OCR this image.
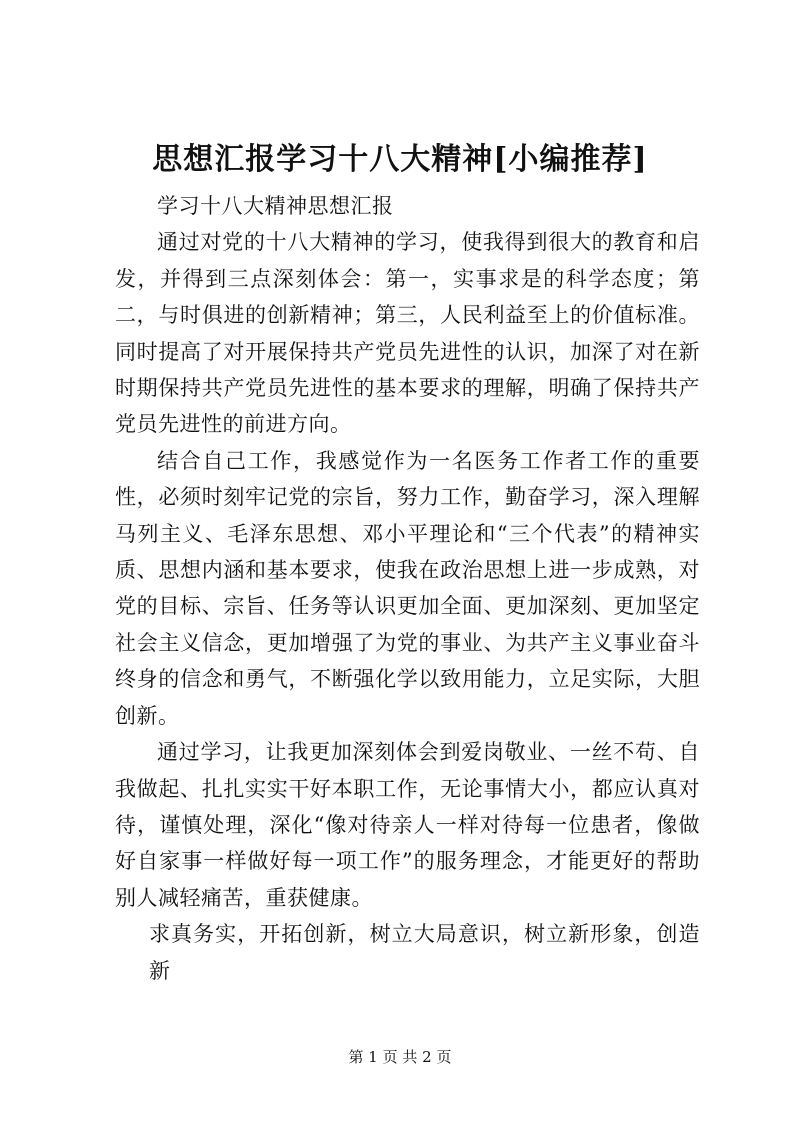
思想汇报学习十八大精神[小编推荐]

学习十八大精神思想汇报

通过对党的十八大精神的学习，使我得到很大的教育和启发，并得到三点深刻体会：第一，实事求是的科学态度；第二，与时俱进的创新精神；第三，人民利益至上的价值标准。同时提高了对开展保持共产党员先进性的认识，加深了对在新时期保持共产党员先进性的基本要求的理解，明确了保持共产党员先进性的前进方向。

结合自己工作，我感觉作为一名医务工作者工作的重要性，必须时刻牢记党的宗旨，努力工作，勤奋学习，深入理解马列主义、毛泽东思想、邓小平理论和“三个代表”的精神实质、思想内涵和基本要求，使我在政治思想上进一步成熟，对党的目标、宗旨、任务等认识更加全面、更加深刻、更加坚定社会主义信念，更加增强了为党的事业、为共产主义事业奋斗终身的信念和勇气，不断强化学以致用能力，立足实际，大胆创新。

通过学习，让我更加深刻体会到爱岗敬业、一丝不苟、自我做起、扎扎实实干好本职工作，无论事情大小，都应认真对待，谨慎处理，深化“像对待亲人一样对待每一位患者，像做好自家事一样做好每一项工作”的服务理念，才能更好的帮助别人减轻痛苦，重获健康。

求真务实，开拓创新，树立大局意识，树立新形象，创造新

第 1 页 共 2 页
